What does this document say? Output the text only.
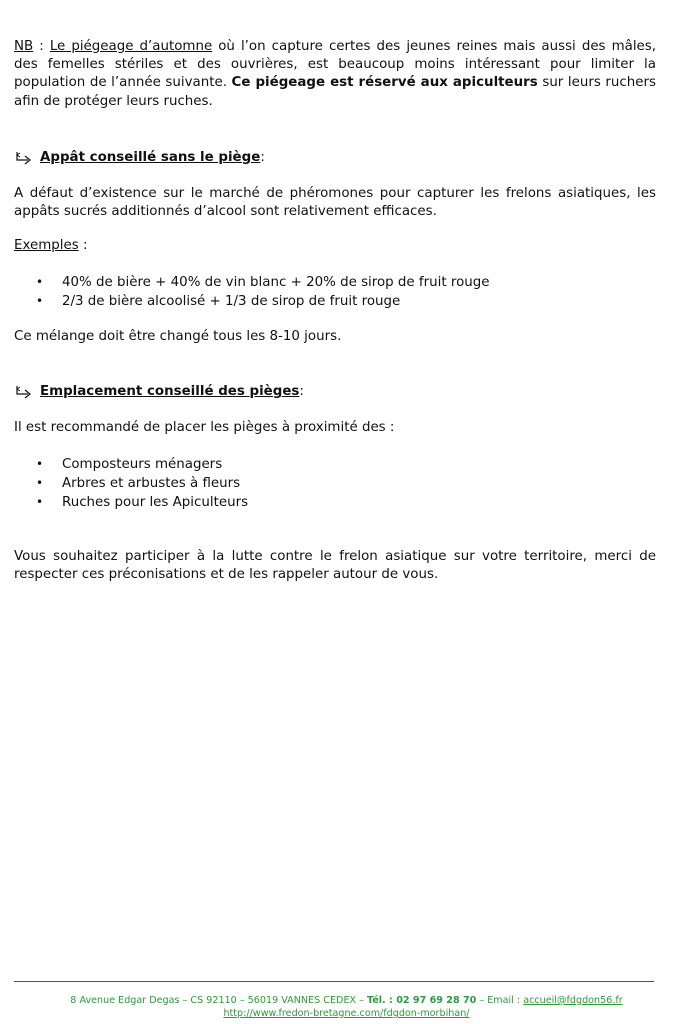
NB : Le piégeage d’automne où l’on capture certes des jeunes reines mais aussi des mâles, des femelles stériles et des ouvrières, est beaucoup moins intéressant pour limiter la population de l’année suivante. Ce piégeage est réservé aux apiculteurs sur leurs ruchers afin de protéger leurs ruches.

Appât conseillé sans le piège :

A défaut d’existence sur le marché de phéromones pour capturer les frelons asiatiques, les appâts sucrés additionnés d’alcool sont relativement efficaces.

Exemples :

•	40% de bière + 40% de vin blanc + 20% de sirop de fruit rouge
•	2/3 de bière alcoolisé + 1/3 de sirop de fruit rouge

Ce mélange doit être changé tous les 8-10 jours.

Emplacement conseillé des pièges :

Il est recommandé de placer les pièges à proximité des :

•	Composteurs ménagers
•	Arbres et arbustes à fleurs
•	Ruches pour les Apiculteurs

Vous souhaitez participer à la lutte contre le frelon asiatique sur votre territoire, merci de respecter ces préconisations et de les rappeler autour de vous.

8 Avenue Edgar Degas – CS 92110 – 56019 VANNES CEDEX – Tél. : 02 97 69 28 70 – Email : accueil@fdgdon56.fr
http://www.fredon-bretagne.com/fdgdon-morbihan/
